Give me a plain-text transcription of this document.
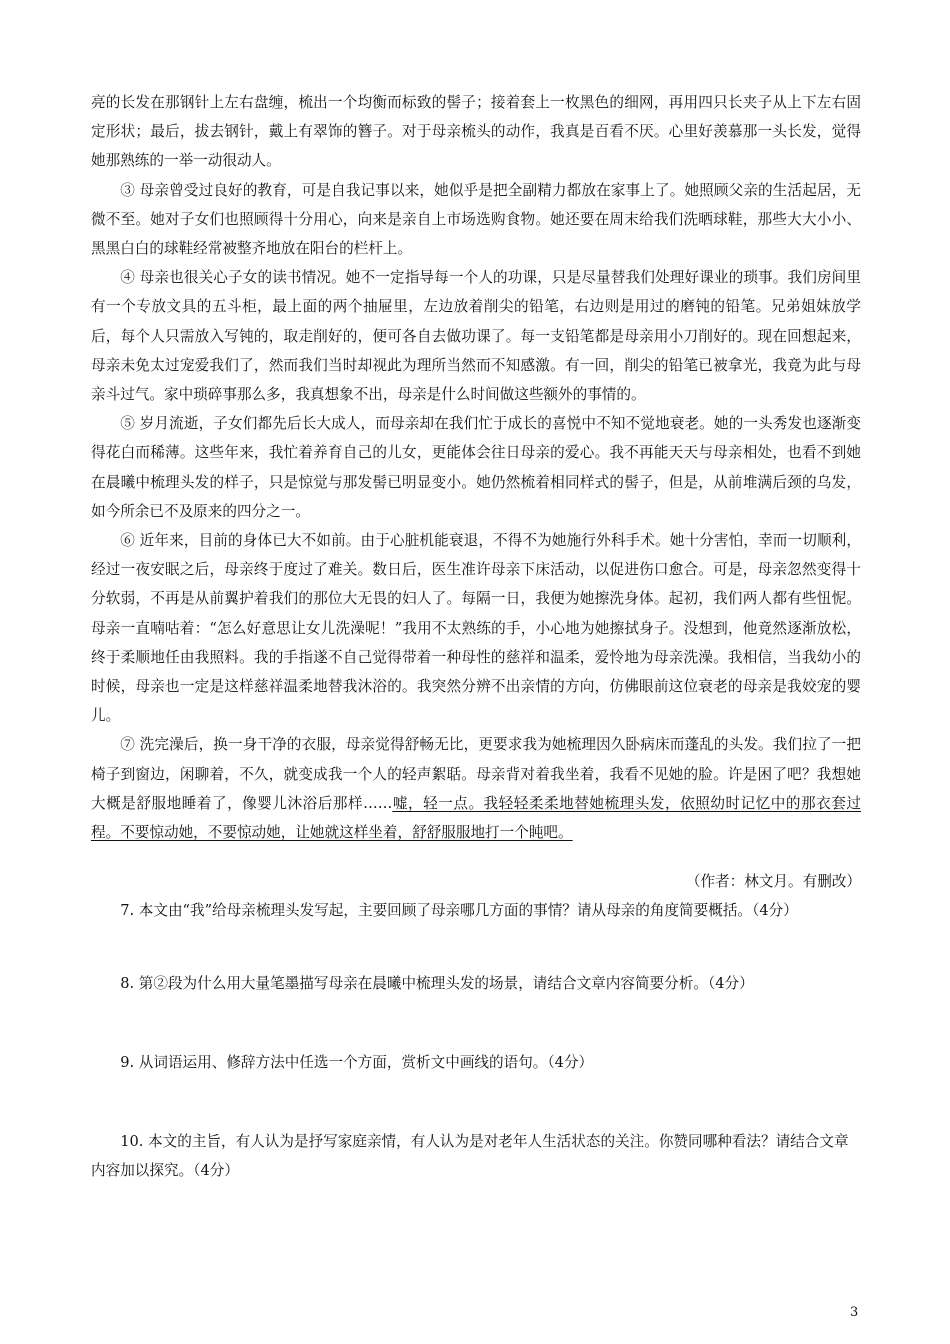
亮的长发在那钢针上左右盘缠，梳出一个均衡而标致的髻子；接着套上一枚黑色的细网，再用四只长夹子从上下左右固定形状；最后，拔去钢针，戴上有翠饰的簪子。对于母亲梳头的动作，我真是百看不厌。心里好羡慕那一头长发，觉得她那熟练的一举一动很动人。

③ 母亲曾受过良好的教育，可是自我记事以来，她似乎是把全副精力都放在家事上了。她照顾父亲的生活起居，无微不至。她对子女们也照顾得十分用心，向来是亲自上市场选购食物。她还要在周末给我们洗晒球鞋，那些大大小小、黑黑白白的球鞋经常被整齐地放在阳台的栏杆上。

④ 母亲也很关心子女的读书情况。她不一定指导每一个人的功课，只是尽量替我们处理好课业的琐事。我们房间里有一个专放文具的五斗柜，最上面的两个抽屉里，左边放着削尖的铅笔，右边则是用过的磨钝的铅笔。兄弟姐妹放学后，每个人只需放入写钝的，取走削好的，便可各自去做功课了。每一支铅笔都是母亲用小刀削好的。现在回想起来，母亲未免太过宠爱我们了，然而我们当时却视此为理所当然而不知感激。有一回，削尖的铅笔已被拿光，我竟为此与母亲斗过气。家中琐碎事那么多，我真想象不出，母亲是什么时间做这些额外的事情的。

⑤ 岁月流逝，子女们都先后长大成人，而母亲却在我们忙于成长的喜悦中不知不觉地衰老。她的一头秀发也逐渐变得花白而稀薄。这些年来，我忙着养育自己的儿女，更能体会往日母亲的爱心。我不再能天天与母亲相处，也看不到她在晨曦中梳理头发的样子，只是惊觉与那发髻已明显变小。她仍然梳着相同样式的髻子，但是，从前堆满后颈的乌发，如今所余已不及原来的四分之一。

⑥ 近年来，目前的身体已大不如前。由于心脏机能衰退，不得不为她施行外科手术。她十分害怕，幸而一切顺利，经过一夜安眠之后，母亲终于度过了难关。数日后，医生准许母亲下床活动，以促进伤口愈合。可是，母亲忽然变得十分软弱，不再是从前翼护着我们的那位大无畏的妇人了。每隔一日，我便为她擦洗身体。起初，我们两人都有些忸怩。母亲一直喃咕着：“怎么好意思让女儿洗澡呢！”我用不太熟练的手，小心地为她擦拭身子。没想到，他竟然逐渐放松，终于柔顺地任由我照料。我的手指遂不自己觉得带着一种母性的慈祥和温柔，爱怜地为母亲洗澡。我相信，当我幼小的时候，母亲也一定是这样慈祥温柔地替我沐浴的。我突然分辨不出亲情的方向，仿佛眼前这位衰老的母亲是我姣宠的婴儿。

⑦ 洗完澡后，换一身干净的衣服，母亲觉得舒畅无比，更要求我为她梳理因久卧病床而蓬乱的头发。我们拉了一把椅子到窗边，闲聊着，不久，就变成我一个人的轻声絮聒。母亲背对着我坐着，我看不见她的脸。许是困了吧？我想她大概是舒服地睡着了，像婴儿沐浴后那样……嘘，轻一点。我轻轻柔柔地替她梳理头发，依照幼时记忆中的那衣套过程。不要惊动她，不要惊动她，让她就这样坐着，舒舒服服地打一个盹吧。

（作者：林文月。有删改）

7. 本文由“我”给母亲梳理头发写起，主要回顾了母亲哪几方面的事情？请从母亲的角度简要概括。（4分）

8. 第②段为什么用大量笔墨描写母亲在晨曦中梳理头发的场景，请结合文章内容简要分析。（4分）

9. 从词语运用、修辞方法中任选一个方面，赏析文中画线的语句。（4分）

10. 本文的主旨，有人认为是抒写家庭亲情，有人认为是对老年人生活状态的关注。你赞同哪种看法？请结合文章内容加以探究。（4分）

3
